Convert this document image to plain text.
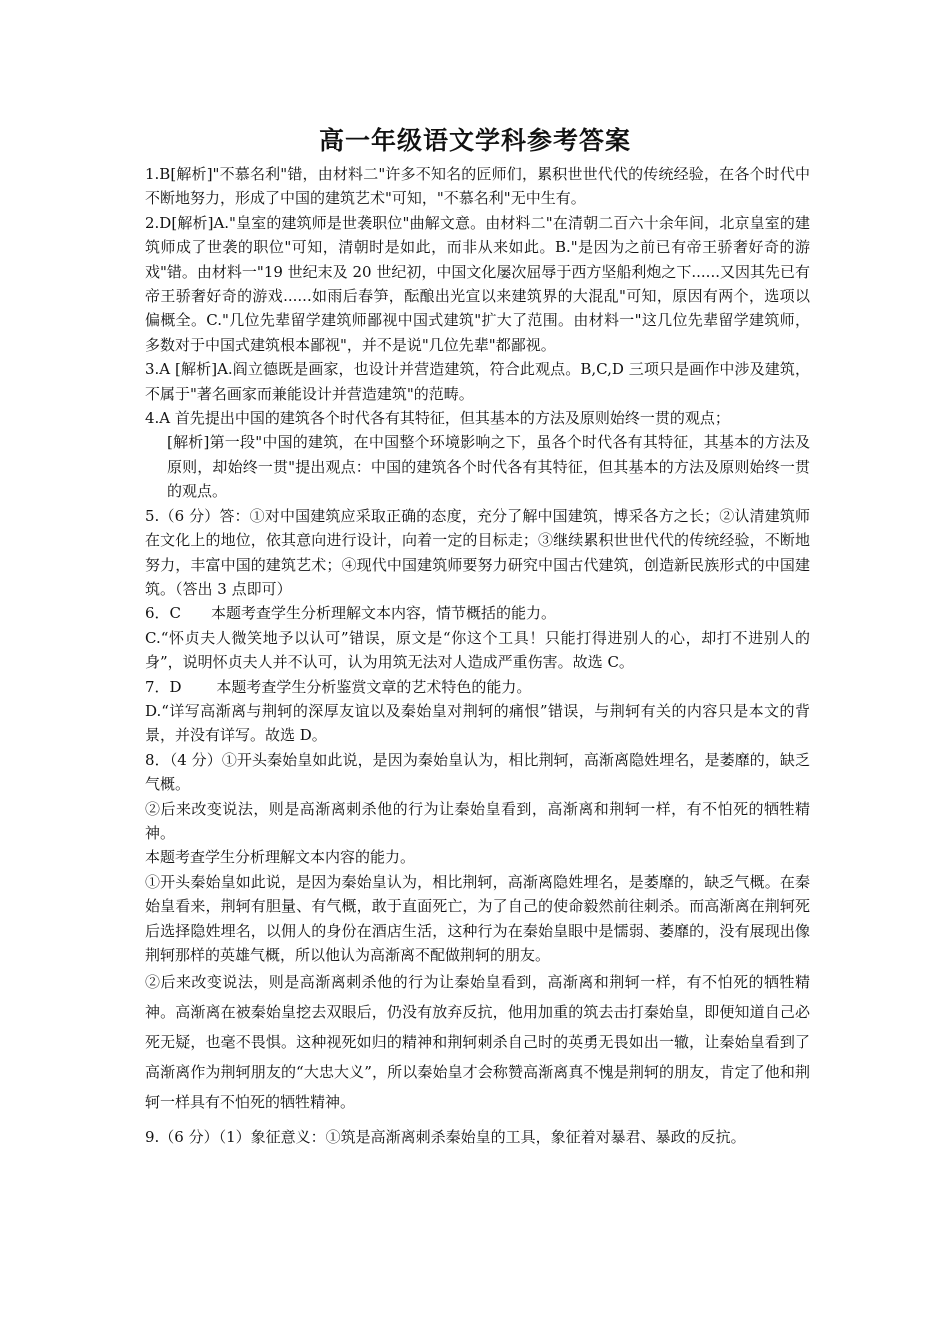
高一年级语文学科参考答案

1.B[解析]"不慕名利"错，由材料二"许多不知名的匠师们，累积世世代代的传统经验，在各个时代中不断地努力，形成了中国的建筑艺术"可知，"不慕名利"无中生有。

2.D[解析]A."皇室的建筑师是世袭职位"曲解文意。由材料二"在清朝二百六十余年间，北京皇室的建筑师成了世袭的职位"可知，清朝时是如此，而非从来如此。B."是因为之前已有帝王骄奢好奇的游戏"错。由材料一"19 世纪末及 20 世纪初，中国文化屡次屈辱于西方坚船利炮之下......又因其先已有帝王骄奢好奇的游戏......如雨后春笋，酝酿出光宣以来建筑界的大混乱"可知，原因有两个，选项以偏概全。C."几位先辈留学建筑师鄙视中国式建筑"扩大了范围。由材料一"这几位先辈留学建筑师，多数对于中国式建筑根本鄙视"，并不是说"几位先辈"都鄙视。

3.A [解析]A.阎立德既是画家，也设计并营造建筑，符合此观点。B,C,D 三项只是画作中涉及建筑，不属于"著名画家而兼能设计并营造建筑"的范畴。

4.A 首先提出中国的建筑各个时代各有其特征，但其基本的方法及原则始终一贯的观点；

[解析]第一段"中国的建筑，在中国整个环境影响之下，虽各个时代各有其特征，其基本的方法及原则，却始终一贯"提出观点：中国的建筑各个时代各有其特征，但其基本的方法及原则始终一贯的观点。

5.（6 分）答：①对中国建筑应采取正确的态度，充分了解中国建筑，博采各方之长；②认清建筑师在文化上的地位，依其意向进行设计，向着一定的目标走；③继续累积世世代代的传统经验，不断地努力，丰富中国的建筑艺术；④现代中国建筑师要努力研究中国古代建筑，创造新民族形式的中国建筑。（答出 3 点即可）

6．C　　本题考查学生分析理解文本内容，情节概括的能力。

C.“怀贞夫人微笑地予以认可”错误，原文是“你这个工具！只能打得进别人的心，却打不进别人的身”，说明怀贞夫人并不认可，认为用筑无法对人造成严重伤害。故选 C。

7．D　　 本题考查学生分析鉴赏文章的艺术特色的能力。

D.“详写高渐离与荆轲的深厚友谊以及秦始皇对荆轲的痛恨”错误，与荆轲有关的内容只是本文的背景，并没有详写。故选 D。

8．（4 分）①开头秦始皇如此说，是因为秦始皇认为，相比荆轲，高渐离隐姓埋名，是萎靡的，缺乏气概。

②后来改变说法，则是高渐离刺杀他的行为让秦始皇看到，高渐离和荆轲一样，有不怕死的牺牲精神。

本题考查学生分析理解文本内容的能力。

①开头秦始皇如此说，是因为秦始皇认为，相比荆轲，高渐离隐姓埋名，是萎靡的，缺乏气概。在秦始皇看来，荆轲有胆量、有气概，敢于直面死亡，为了自己的使命毅然前往刺杀。而高渐离在荆轲死后选择隐姓埋名，以佣人的身份在酒店生活，这种行为在秦始皇眼中是懦弱、萎靡的，没有展现出像荆轲那样的英雄气概，所以他认为高渐离不配做荆轲的朋友。

②后来改变说法，则是高渐离刺杀他的行为让秦始皇看到，高渐离和荆轲一样，有不怕死的牺牲精神。高渐离在被秦始皇挖去双眼后，仍没有放弃反抗，他用加重的筑去击打秦始皇，即便知道自己必死无疑，也毫不畏惧。这种视死如归的精神和荆轲刺杀自己时的英勇无畏如出一辙，让秦始皇看到了高渐离作为荆轲朋友的“大忠大义”，所以秦始皇才会称赞高渐离真不愧是荆轲的朋友，肯定了他和荆轲一样具有不怕死的牺牲精神。

9.（6 分）（1）象征意义：①筑是高渐离刺杀秦始皇的工具，象征着对暴君、暴政的反抗。
